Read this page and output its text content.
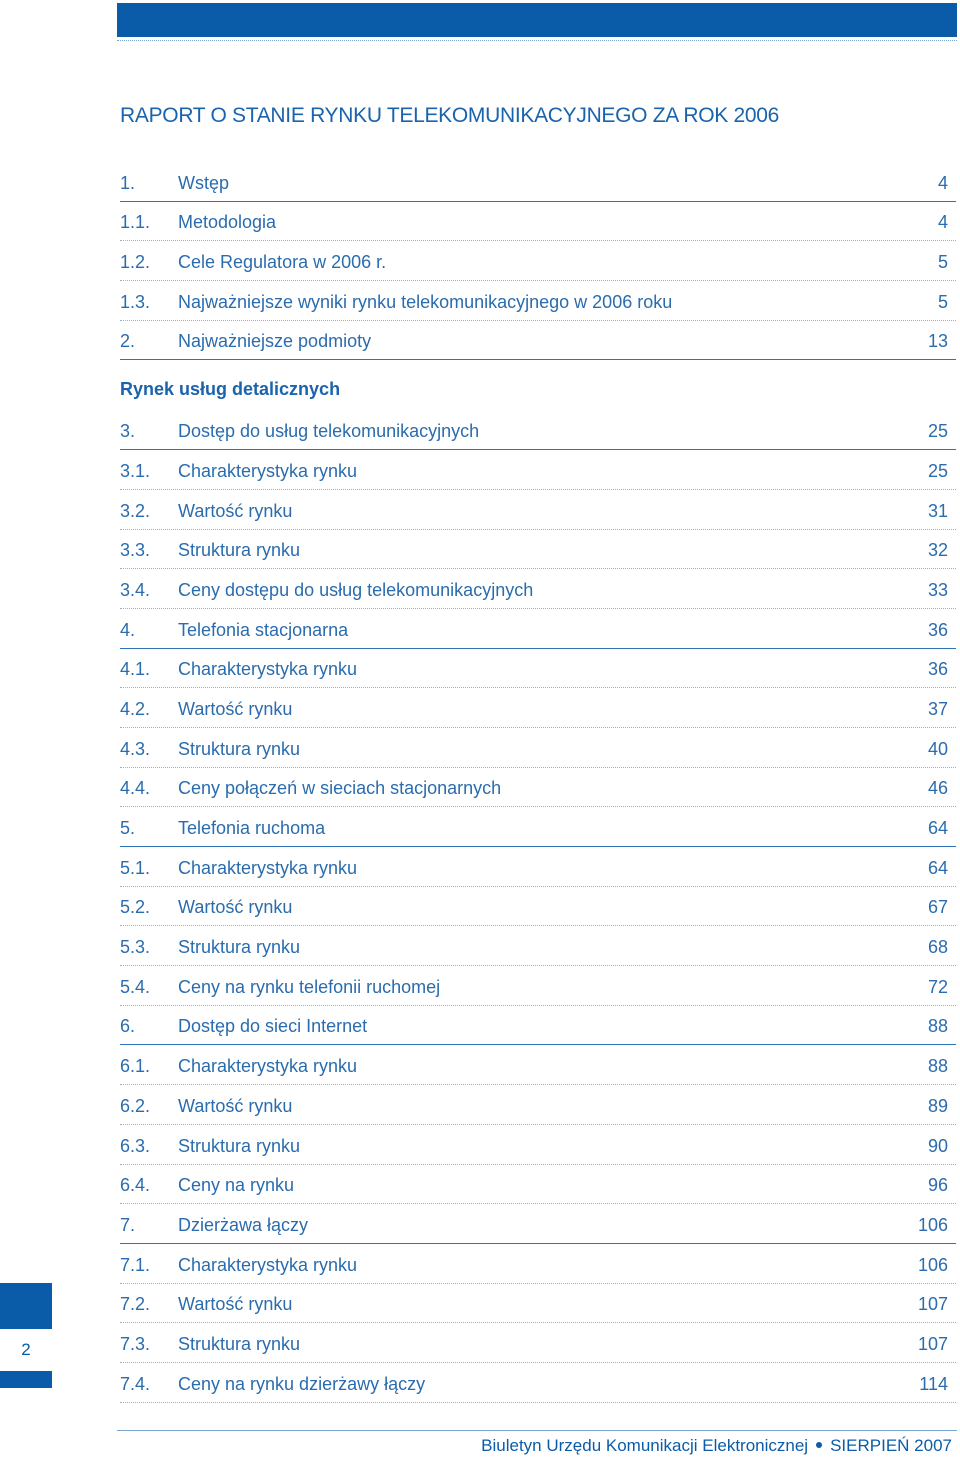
RAPORT O STANIE RYNKU TELEKOMUNIKACYJNEGO ZA ROK 2006
1. Wstęp	4
1.1. Metodologia	4
1.2. Cele Regulatora w 2006 r.	5
1.3. Najważniejsze wyniki rynku telekomunikacyjnego w 2006 roku	5
2. Najważniejsze podmioty	13
Rynek usług detalicznych
3. Dostęp do usług telekomunikacyjnych	25
3.1. Charakterystyka rynku	25
3.2. Wartość rynku	31
3.3. Struktura rynku	32
3.4. Ceny dostępu do usług telekomunikacyjnych	33
4. Telefonia stacjonarna	36
4.1. Charakterystyka rynku	36
4.2. Wartość rynku	37
4.3. Struktura rynku	40
4.4. Ceny połączeń w sieciach stacjonarnych	46
5. Telefonia ruchoma	64
5.1. Charakterystyka rynku	64
5.2. Wartość rynku	67
5.3. Struktura rynku	68
5.4. Ceny na rynku telefonii ruchomej	72
6. Dostęp do sieci Internet	88
6.1. Charakterystyka rynku	88
6.2. Wartość rynku	89
6.3. Struktura rynku	90
6.4. Ceny na rynku	96
7. Dzierżawa łączy	106
7.1. Charakterystyka rynku	106
7.2. Wartość rynku	107
7.3. Struktura rynku	107
7.4. Ceny na rynku dzierżawy łączy	114
2
Biuletyn Urzędu Komunikacji Elektronicznej SIERPIEŃ 2007
